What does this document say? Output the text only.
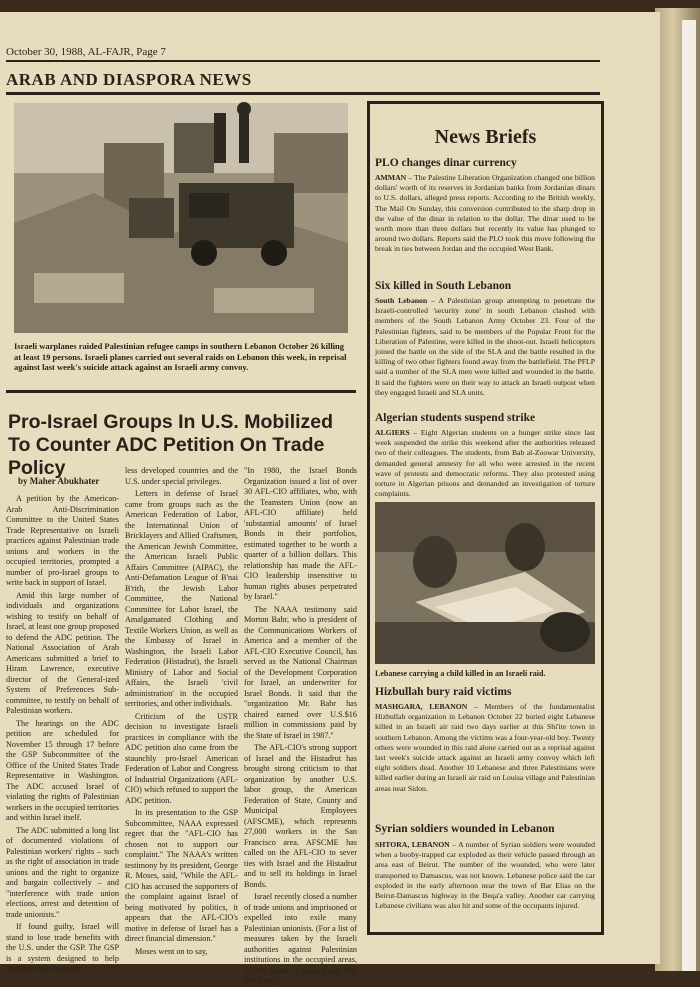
October 30, 1988, AL-FAJR, Page 7
ARAB AND DIASPORA NEWS
Israeli warplanes raided Palestinian refugee camps in southern Lebanon October 26 killing at least 19 persons. Israeli planes carried out several raids on Lebanon this week, in reprisal against last week's suicide attack against an Israeli army convoy.
Pro-Israel Groups In U.S. Mobilized To Counter ADC Petition On Trade Policy
by Maher Abukhater

A petition by the American-Arab Anti-Discrimination Committee to the United States Trade Representative on Israeli practices against Palestinian trade unions and workers in the occupied territories, prompted a number of pro-Israel groups to write back in support of Israel.

Amid this large number of individuals and organizations wishing to testify on behalf of Israel, at least one group proposed to defend the ADC petition. The National Association of Arab Americans submitted a brief to Hiram Lawrence, executive director of the General-ized System of Preferences Sub-committee, to testify on behalf of Palestinian workers.

The hearings on the ADC petition are scheduled for November 15 through 17 before the GSP Subcommittee of the Office of the United States Trade Representative in Washington. The ADC accused Israel of violating the rights of Palestinian workers in the occupied territories and within Israel itself.

The ADC submitted a long list of documented violations of Palestinian workers' rights – such as the right of association in trade unions and the right to organize and bargain collectively – and "interference with trade union elections, arrest and detention of trade unionists."

If found guilty, Israel will stand to lose trade benefits with the U.S. under the GSP. The GSP is a system designed to help increase trade between

less developed countries and the U.S. under special privileges.

Letters in defense of Israel came from groups such as the American Federation of Labor, the International Union of Bricklayers and Allied Craftsmen, the American Jewish Committee, the American Israeli Public Affairs Committee (AIPAC), the Anti-Defamation League of B'nai B'rith, the Jewish Labor Committee, the National Committee for Labor Israel, the Amalgamated Clothing and Textile Workers Union, as well as the Embassy of Israel in Washington, the Israeli Labor Federation (Histadrut), the Israeli Ministry of Labor and Social Affairs, the Israeli 'civil administration' in the occupied territories, and other individuals.

Criticism of the USTR decision to investigate Israeli practices in compliance with the ADC petition also came from the staunchly pro-Israel American Federation of Labor and Congress of Industrial Organizations (AFL-CIO) which refused to support the ADC petition.

In its presentation to the GSP Subcommittee, NAAA expressed regret that the "AFL-CIO has chosen not to support our complaint." The NAAA's written testimony by its president, George R. Moses, said, "While the AFL-CIO has accused the supporters of the complaint against Israel of being motivated by politics, it appears that the AFL-CIO's motive in defense of Israel has a direct financial dimension."

Moses went on to say,

"In 1980, the Israel Bonds Organization issued a list of over 30 AFL-CIO affiliates, who, with the Teamsters Union (now an AFL-CIO affiliate) held 'substantial amounts' of Israel Bonds in their portfolios, estimated together to be worth a quarter of a billion dollars. This relationship has made the AFL-CIO leadership insensitive to human rights abuses perpetrated by Israel."

The NAAA testimony said Morton Bahr, who is president of the Communications Workers of America and a member of the AFL-CIO Executive Council, has served as the National Chairman of the Development Corporation for Israel, an underwriter for Israel Bonds. It said that the "organization Mr. Bahr has chaired earned over U.S.$16 million in commissions paid by the State of Israel in 1987."

The AFL-CIO's strong support of Israel and the Histadrut has brought strong criticism to that organization by another U.S. labor group, the American Federation of State, County and Municipal Employees (AFSCME), which represents 27,000 workers in the San Francisco area. AFSCME has called on the AFL-CIO to sever ties with Israel and the Histadrut and to sell its holdings in Israel Bonds.

Israel recently closed a number of trade unions and imprisoned or expelled into exile many Palestinian unionists. (For a list of measures taken by the Israeli authorities against Palestinian institutions in the occupied areas, see the report on pages 8 and 9 of this issue.)

News Briefs
PLO changes dinar currency
AMMAN – The Palestine Liberation Organization changed one billion dollars' worth of its reserves in Jordanian banks from Jordanian dinars to U.S. dollars, alleged press reports. According to the British weekly, The Mail On Sunday, this conversion contributed to the sharp drop in the value of the dinar in relation to the dollar. The dinar used to be worth more than three dollars but recently its value has plunged to around two dollars. Reports said the PLO took this move following the break in ties between Jordan and the occupied West Bank.
Six killed in South Lebanon
South Lebanon – A Palestinian group attempting to penetrate the Israeli-controlled 'security zone' in south Lebanon clashed with members of the South Lebanon Army October 23. Four of the Palestinian fighters, said to be members of the Popular Front for the Liberation of Palestine, were killed in the shoot-out. Israeli helicopters joined the battle on the side of the SLA and the battle resulted in the killing of two other fighters found away from the battlefield. The PFLP said a number of the SLA men were killed and wounded in the battle. It said the fighters were on their way to attack an Israeli outpost when they engaged Israeli and SLA units.
Algerian students suspend strike
ALGIERS – Eight Algerian students on a hunger strike since last week suspended the strike this weekend after the authorities released two of their colleagues. The students, from Bab al-Zoowar University, demanded general amnesty for all who were arrested in the recent wave of protests and democratic reforms. They also protested using torture in Algerian prisons and demanded an investigation of torture complaints.
Lebanese carrying a child killed in an Israeli raid.
Hizbullah bury raid victims
MASHGARA, LEBANON – Members of the fundamentalist Hizbullah organization in Lebanon October 22 buried eight Lebanese killed in an Israeli air raid two days earlier at this Shi'ite town in southern Lebanon. Among the victims was a four-year-old boy. Twenty others were wounded in this raid alone carried out as a reprisal against last week's suicide attack against an Israeli army convoy which left eight soldiers dead. Another 10 Lebanese and three Palestinians were killed earlier during an Israeli air raid on Louisa village and Palestinian areas near Sidon.
Syrian soldiers wounded in Lebanon
SHTORA, LEBANON – A number of Syrian soldiers were wounded when a booby-trapped car exploded as their vehicle passed through an area east of Beirut. The number of the wounded, who were later transported to Damascus, was not known. Lebanese police said the car exploded in the early afternoon near the town of Bar Elias on the Beirut-Damascus highway in the Beqa'a valley. Another car carrying Lebanese civilians was also hit and some of the occupants injured.
